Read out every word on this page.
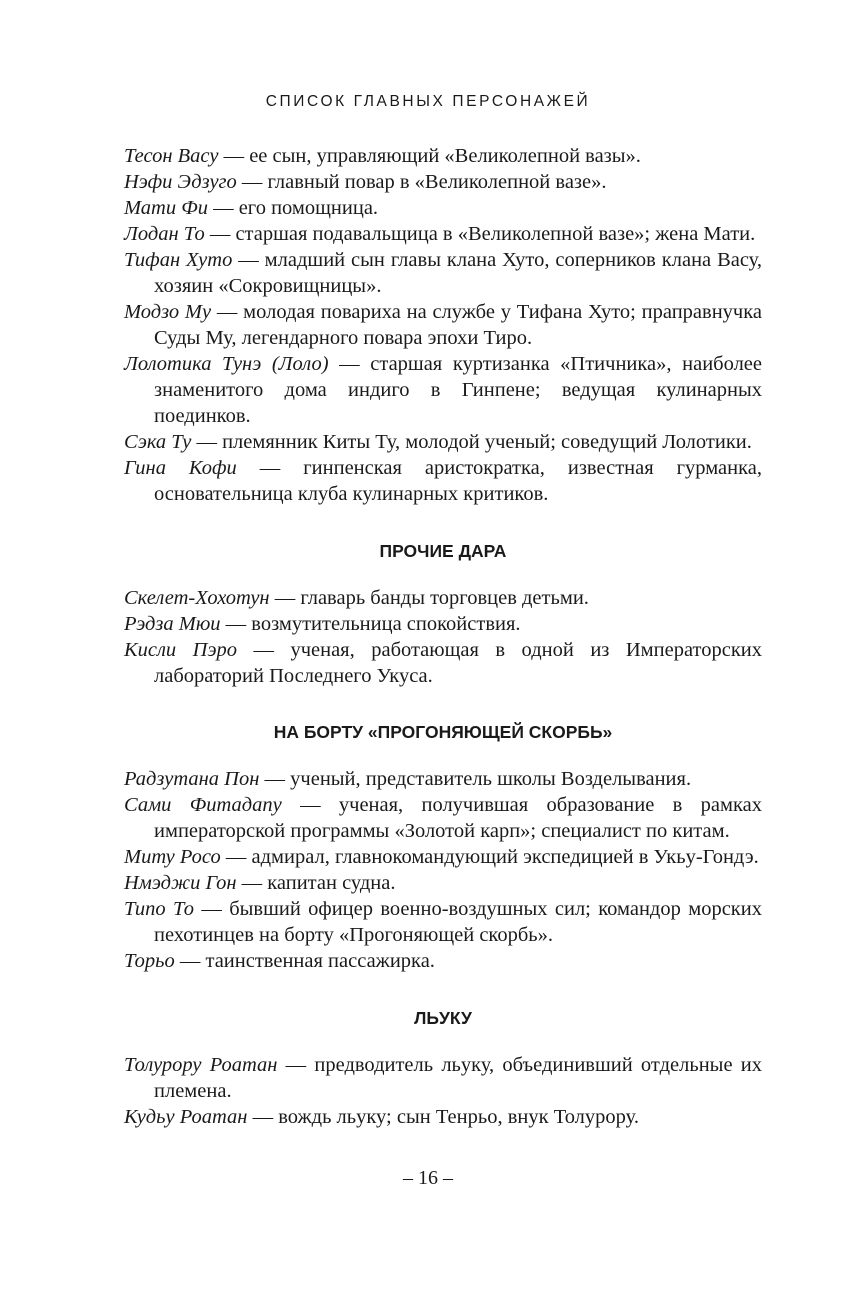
СПИСОК ГЛАВНЫХ ПЕРСОНАЖЕЙ

Тесон Васу — ее сын, управляющий «Великолепной вазы».

Нэфи Эдзуго — главный повар в «Великолепной вазе».

Мати Фи — его помощница.

Лодан То — старшая подавальщица в «Великолепной вазе»; жена Мати.

Тифан Хуто — младший сын главы клана Хуто, соперников клана Васу, хозяин «Сокровищницы».

Модзо Му — молодая повариха на службе у Тифана Хуто; праправнучка Суды Му, легендарного повара эпохи Тиро.

Лолотика Тунэ (Лоло) — старшая куртизанка «Птичника», наиболее знаменитого дома индиго в Гинпене; ведущая кулинарных поединков.

Сэка Ту — племянник Киты Ту, молодой ученый; соведущий Лолотики.

Гина Кофи — гинпенская аристократка, известная гурманка, основательница клуба кулинарных критиков.

ПРОЧИЕ ДАРА

Скелет-Хохотун — главарь банды торговцев детьми.

Рэдза Мюи — возмутительница спокойствия.

Кисли Пэро — ученая, работающая в одной из Императорских лабораторий Последнего Укуса.

НА БОРТУ «ПРОГОНЯЮЩЕЙ СКОРБЬ»

Радзутана Пон — ученый, представитель школы Возделывания.

Сами Фитадапу — ученая, получившая образование в рамках императорской программы «Золотой карп»; специалист по китам.

Миту Росо — адмирал, главнокомандующий экспедицией в Укьу-Гондэ.

Нмэджи Гон — капитан судна.

Типо То — бывший офицер военно-воздушных сил; командор морских пехотинцев на борту «Прогоняющей скорбь».

Торьо — таинственная пассажирка.

ЛЬУКУ

Толурору Роатан — предводитель льуку, объединивший отдельные их племена.

Кудьу Роатан — вождь льуку; сын Тенрьо, внук Толурору.

– 16 –
